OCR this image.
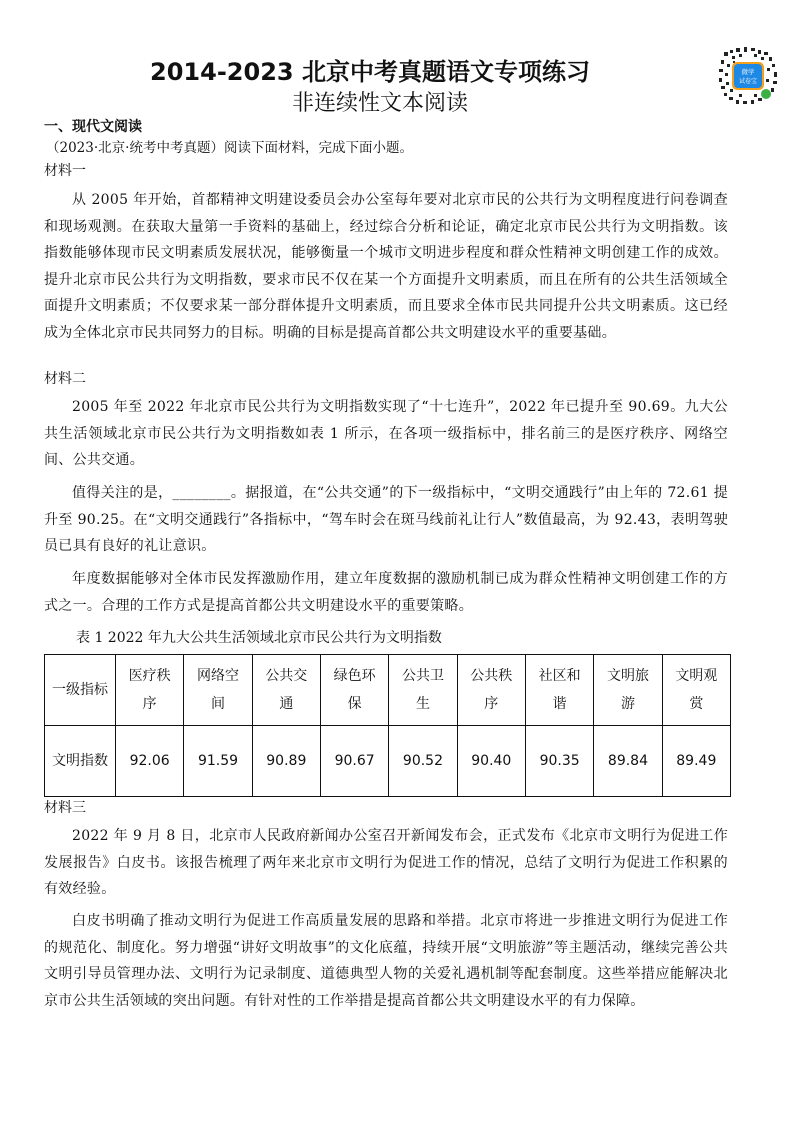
2014-2023 北京中考真题语文专项练习
非连续性文本阅读
微学
试卷宝
一、现代文阅读
（2023·北京·统考中考真题）阅读下面材料，完成下面小题。
材料一
从 2005 年开始，首都精神文明建设委员会办公室每年要对北京市民的公共行为文明程度进行问卷调查和现场观测。在获取大量第一手资料的基础上，经过综合分析和论证，确定北京市民公共行为文明指数。该指数能够体现市民文明素质发展状况，能够衡量一个城市文明进步程度和群众性精神文明创建工作的成效。提升北京市民公共行为文明指数，要求市民不仅在某一个方面提升文明素质，而且在所有的公共生活领域全面提升文明素质；不仅要求某一部分群体提升文明素质，而且要求全体市民共同提升公共文明素质。这已经成为全体北京市民共同努力的目标。明确的目标是提高首都公共文明建设水平的重要基础。
材料二
2005 年至 2022 年北京市民公共行为文明指数实现了“十七连升”，2022 年已提升至 90.69。九大公共生活领域北京市民公共行为文明指数如表 1 所示，在各项一级指标中，排名前三的是医疗秩序、网络空间、公共交通。
值得关注的是，________。据报道，在“公共交通”的下一级指标中，“文明交通践行”由上年的 72.61 提升至 90.25。在“文明交通践行”各指标中，“驾车时会在斑马线前礼让行人”数值最高，为 92.43，表明驾驶员已具有良好的礼让意识。
年度数据能够对全体市民发挥激励作用，建立年度数据的激励机制已成为群众性精神文明创建工作的方式之一。合理的工作方式是提高首都公共文明建设水平的重要策略。
表 1 2022 年九大公共生活领域北京市民公共行为文明指数
一级指标	医疗秩序	网络空间	公共交通	绿色环保	公共卫生	公共秩序	社区和谐	文明旅游	文明观赏
文明指数	92.06	91.59	90.89	90.67	90.52	90.40	90.35	89.84	89.49
材料三
2022 年 9 月 8 日，北京市人民政府新闻办公室召开新闻发布会，正式发布《北京市文明行为促进工作发展报告》白皮书。该报告梳理了两年来北京市文明行为促进工作的情况，总结了文明行为促进工作积累的有效经验。
白皮书明确了推动文明行为促进工作高质量发展的思路和举措。北京市将进一步推进文明行为促进工作的规范化、制度化。努力增强“讲好文明故事”的文化底蕴，持续开展“文明旅游”等主题活动，继续完善公共文明引导员管理办法、文明行为记录制度、道德典型人物的关爱礼遇机制等配套制度。这些举措应能解决北京市公共生活领域的突出问题。有针对性的工作举措是提高首都公共文明建设水平的有力保障。
